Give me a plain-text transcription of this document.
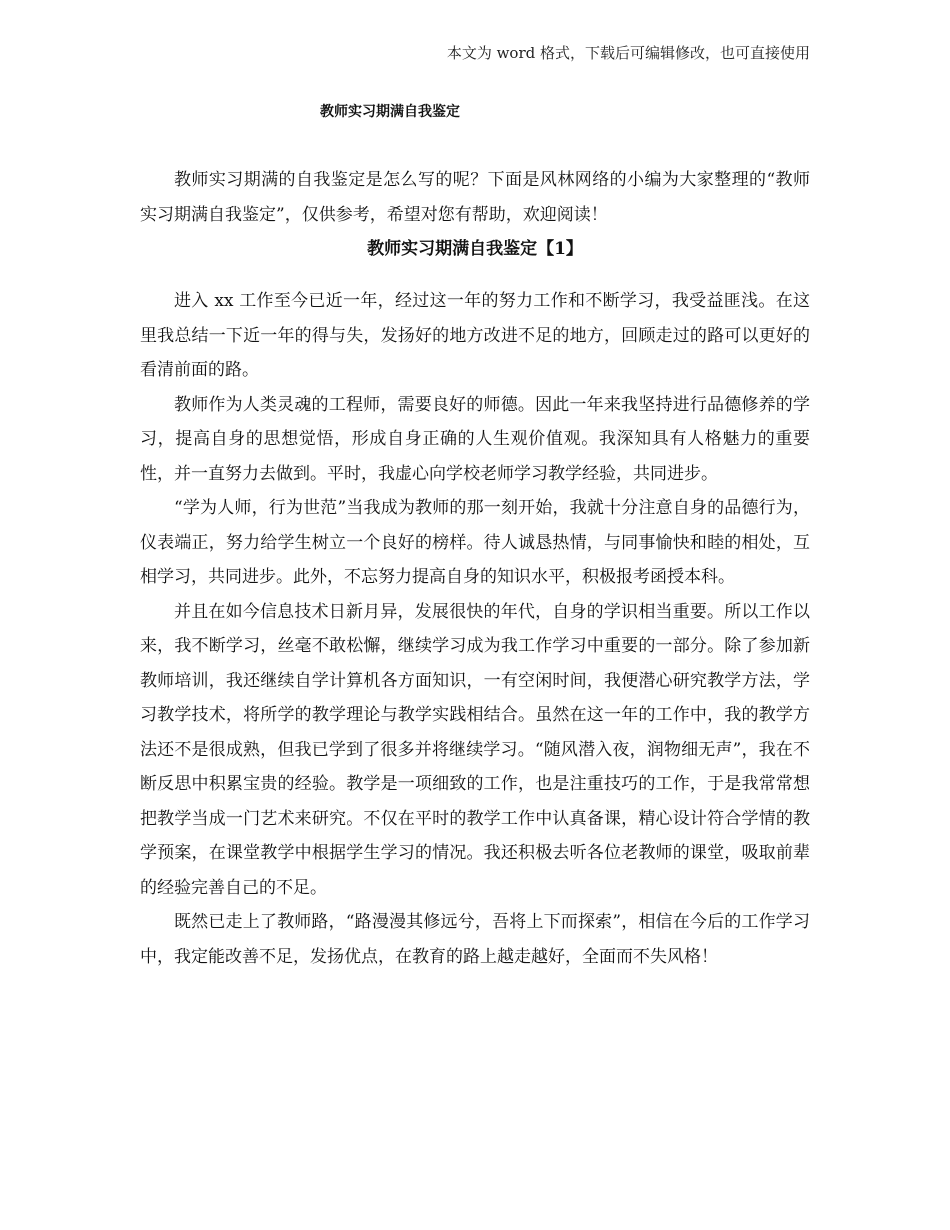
本文为 word 格式，下载后可编辑修改，也可直接使用
教师实习期满自我鉴定

教师实习期满的自我鉴定是怎么写的呢？下面是风林网络的小编为大家整理的“教师实习期满自我鉴定”，仅供参考，希望对您有帮助，欢迎阅读！

教师实习期满自我鉴定【1】

进入 xx 工作至今已近一年，经过这一年的努力工作和不断学习，我受益匪浅。在这里我总结一下近一年的得与失，发扬好的地方改进不足的地方，回顾走过的路可以更好的看清前面的路。

教师作为人类灵魂的工程师，需要良好的师德。因此一年来我坚持进行品德修养的学习，提高自身的思想觉悟，形成自身正确的人生观价值观。我深知具有人格魅力的重要性，并一直努力去做到。平时，我虚心向学校老师学习教学经验，共同进步。

“学为人师，行为世范”当我成为教师的那一刻开始，我就十分注意自身的品德行为，仪表端正，努力给学生树立一个良好的榜样。待人诚恳热情，与同事愉快和睦的相处，互相学习，共同进步。此外，不忘努力提高自身的知识水平，积极报考函授本科。

并且在如今信息技术日新月异，发展很快的年代，自身的学识相当重要。所以工作以来，我不断学习，丝毫不敢松懈，继续学习成为我工作学习中重要的一部分。除了参加新教师培训，我还继续自学计算机各方面知识，一有空闲时间，我便潜心研究教学方法，学习教学技术，将所学的教学理论与教学实践相结合。虽然在这一年的工作中，我的教学方法还不是很成熟，但我已学到了很多并将继续学习。“随风潜入夜，润物细无声”，我在不断反思中积累宝贵的经验。教学是一项细致的工作，也是注重技巧的工作，于是我常常想把教学当成一门艺术来研究。不仅在平时的教学工作中认真备课，精心设计符合学情的教学预案，在课堂教学中根据学生学习的情况。我还积极去听各位老教师的课堂，吸取前辈的经验完善自己的不足。

既然已走上了教师路，“路漫漫其修远兮，吾将上下而探索”，相信在今后的工作学习中，我定能改善不足，发扬优点，在教育的路上越走越好，全面而不失风格！
